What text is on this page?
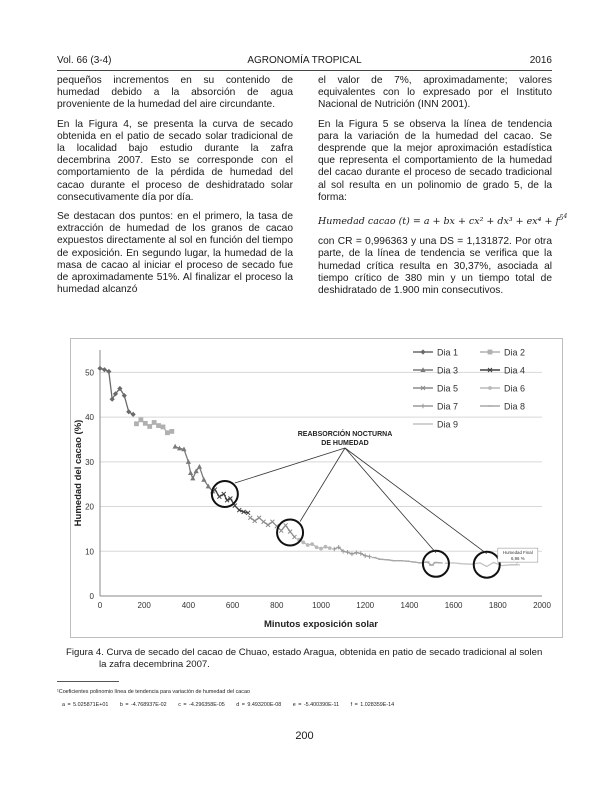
Vol. 66 (3-4)	AGRONOMÍA TROPICAL	2016

pequeños incrementos en su contenido de humedad debido a la absorción de agua proveniente de la humedad del aire circundante.

En la Figura 4, se presenta la curva de secado obtenida en el patio de secado solar tradicional de la localidad bajo estudio durante la zafra decembrina 2007. Esto se corresponde con el comportamiento de la pérdida de humedad del cacao durante el proceso de deshidratado solar consecutivamente día por día.

Se destacan dos puntos: en el primero, la tasa de extracción de humedad de los granos de cacao expuestos directamente al sol en función del tiempo de exposición. En segundo lugar, la humedad de la masa de cacao al iniciar el proceso de secado fue de aproximadamente 51%. Al finalizar el proceso la humedad alcanzó

el valor de 7%, aproximadamente; valores equivalentes con lo expresado por el Instituto Nacional de Nutrición (INN 2001).

En la Figura 5 se observa la línea de tendencia para la variación de la humedad del cacao. Se desprende que la mejor aproximación estadística que representa el comportamiento de la humedad del cacao durante el proceso de secado tradicional al sol resulta en un polinomio de grado 5, de la forma:

Humedad cacao (t) = a + bx + $cx^2 + dx^3 + ex^4 + f^{54}$

con CR = 0,996363 y una DS = 1,131872. Por otra parte, de la línea de tendencia se verifica que la humedad crítica resulta en 30,37%, asociada al tiempo crítico de 380 min y un tiempo total de deshidratado de 1.900 min consecutivos.

0
10
20
30
40
50
0	200	400	600	800	1000	1200	1400	1600	1800	2000
Minutos exposición solar
Humedad del cacao (%)
Dia 1	Dia 2
Dia 3	Dia 4
Dia 5	Dia 6
Dia 7	Dia 8
Dia 9
REABSORCIÓN NOCTURNA
DE HUMEDAD
Humedad Final
6,96 %
Figura 4. Curva de secado del cacao de Chuao, estado Aragua, obtenida en patio de secado tradicional al solen
la zafra decembrina 2007.
¹Coeficientes polinomio línea de tendencia para variación de humedad del cacao
a = 5.025871E+01 b = -4.768937E-02 c = -4.296358E-05 d = 9.493200E-08 e = -5.400390E-11 f = 1.028359E-14
200
